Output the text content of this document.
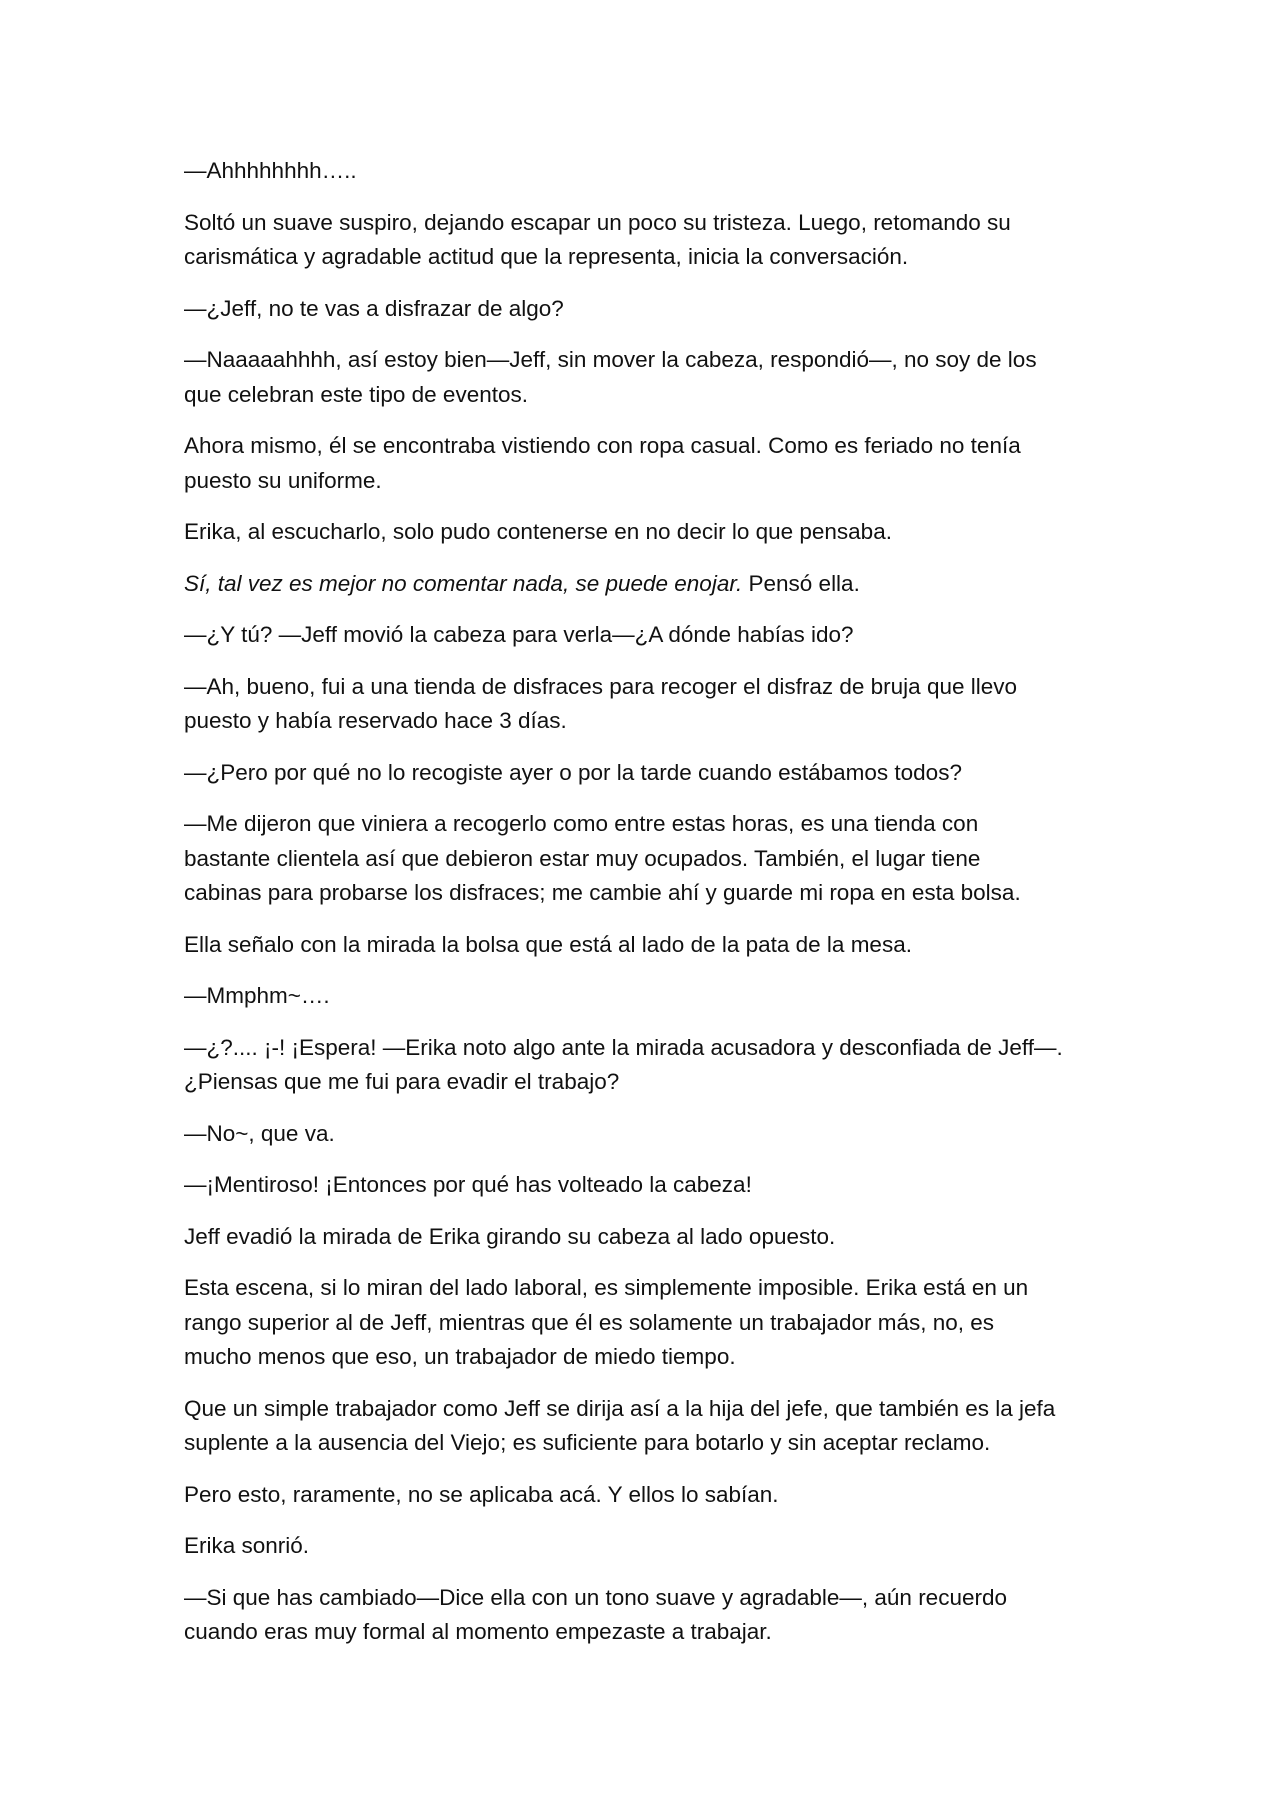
—Ahhhhhhhh…..

Soltó un suave suspiro, dejando escapar un poco su tristeza. Luego, retomando su
carismática y agradable actitud que la representa, inicia la conversación.

—¿Jeff, no te vas a disfrazar de algo?

—Naaaaahhhh, así estoy bien—Jeff, sin mover la cabeza, respondió—, no soy de los
que celebran este tipo de eventos.

Ahora mismo, él se encontraba vistiendo con ropa casual. Como es feriado no tenía
puesto su uniforme.

Erika, al escucharlo, solo pudo contenerse en no decir lo que pensaba.

Sí, tal vez es mejor no comentar nada, se puede enojar. Pensó ella.

—¿Y tú? —Jeff movió la cabeza para verla—¿A dónde habías ido?

—Ah, bueno, fui a una tienda de disfraces para recoger el disfraz de bruja que llevo
puesto y había reservado hace 3 días.

—¿Pero por qué no lo recogiste ayer o por la tarde cuando estábamos todos?

—Me dijeron que viniera a recogerlo como entre estas horas, es una tienda con
bastante clientela así que debieron estar muy ocupados. También, el lugar tiene
cabinas para probarse los disfraces; me cambie ahí y guarde mi ropa en esta bolsa.

Ella señalo con la mirada la bolsa que está al lado de la pata de la mesa.

—Mmphm~….

—¿?.... ¡-! ¡Espera! —Erika noto algo ante la mirada acusadora y desconfiada de Jeff—.
¿Piensas que me fui para evadir el trabajo?

—No~, que va.

—¡Mentiroso! ¡Entonces por qué has volteado la cabeza!

Jeff evadió la mirada de Erika girando su cabeza al lado opuesto.

Esta escena, si lo miran del lado laboral, es simplemente imposible. Erika está en un
rango superior al de Jeff, mientras que él es solamente un trabajador más, no, es
mucho menos que eso, un trabajador de miedo tiempo.

Que un simple trabajador como Jeff se dirija así a la hija del jefe, que también es la jefa
suplente a la ausencia del Viejo; es suficiente para botarlo y sin aceptar reclamo.

Pero esto, raramente, no se aplicaba acá. Y ellos lo sabían.

Erika sonrió.

—Si que has cambiado—Dice ella con un tono suave y agradable—, aún recuerdo
cuando eras muy formal al momento empezaste a trabajar.
